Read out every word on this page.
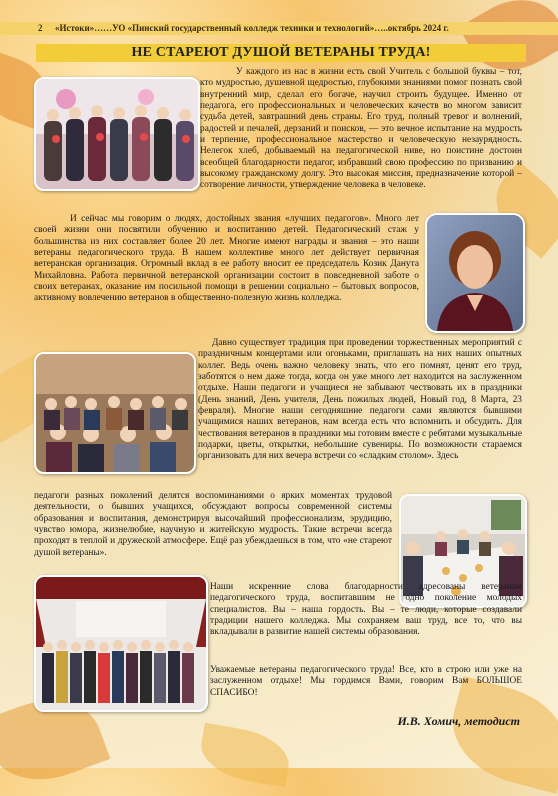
2 «Истоки»……УО «Пинский государственный колледж техники и технологий»…..октябрь 2024 г.
НЕ СТАРЕЮТ ДУШОЙ ВЕТЕРАНЫ ТРУДА!

У каждого из нас в жизни есть свой Учитель с большой буквы – тот, кто мудростью, душевной щедростью, глубокими знаниями помог познать свой внутренний мир, сделал его богаче, научил строить будущее. Именно от педагога, его профессиональных и человеческих качеств во многом зависит судьба детей, завтрашний день страны. Его труд, полный тревог и волнений, радостей и печалей, дерзаний и поисков, — это вечное испытание на мудрость и терпение, профессиональное мастерство и человеческую незаурядность. Нелегок хлеб, добываемый на педагогической ниве, но поистине достоин всеобщей благодарности педагог, избравший свою профессию по призванию и высокому гражданскому долгу. Это высокая миссия, предназначение которой – сотворение личности, утверждение человека в человеке.

И сейчас мы говорим о людях, достойных звания «лучших педагогов». Много лет своей жизни они посвятили обучению и воспитанию детей. Педагогический стаж у большинства из них составляет более 20 лет. Многие имеют награды и звания – это наши ветераны педагогического труда. В нашем коллективе много лет действует первичная ветеранская организация. Огромный вклад в ее работу вносит ее председатель Козик Данута Михайловна. Работа первичной ветеранской организации состоит в повседневной заботе о своих ветеранах, оказание им посильной помощи в решении социально – бытовых вопросов, активному вовлечению ветеранов в общественно-полезную жизнь колледжа.

Давно существует традиция при проведении торжественных мероприятий с праздничным концертами или огоньками, приглашать на них наших опытных коллег. Ведь очень важно человеку знать, что его помнят, ценят его труд, заботятся о нем даже тогда, когда он уже много лет находится на заслуженном отдыхе. Наши педагоги и учащиеся не забывают чествовать их в праздники (День знаний, День учителя, День пожилых людей, Новый год, 8 Марта, 23 февраля). Многие наши сегодняшние педагоги сами являются бывшими учащимися наших ветеранов, нам всегда есть что вспомнить и обсудить. Для чествования ветеранов в праздники мы готовим вместе с ребятами музыкальные подарки, цветы, открытки, небольшие сувениры. По возможности стараемся организовать для них вечера встречи со «сладким столом». Здесь

педагоги разных поколений делятся воспоминаниями о ярких моментах трудовой деятельности, о бывших учащихся, обсуждают вопросы современной системы образования и воспитания, демонстрируя высочайший профессионализм, эрудицию, чувство юмора, жизнелюбие, научную и житейскую мудрость. Такие встречи всегда проходят в теплой и дружеской атмосфере. Ещё раз убеждаешься в том, что «не стареют душой ветераны».

Наши искренние слова благодарности адресованы ветеранам педагогического труда, воспитавшим не одно поколение молодых специалистов. Вы – наша гордость. Вы – те люди, которые создавали традиции нашего колледжа. Мы сохраняем ваш труд, все то, что вы вкладывали в развитие нашей системы образования.

Уважаемые ветераны педагогического труда! Все, кто в строю или уже на заслуженном отдыхе! Мы гордимся Вами, говорим Вам БОЛЬШОЕ СПАСИБО!

И.В. Хомич, методист
